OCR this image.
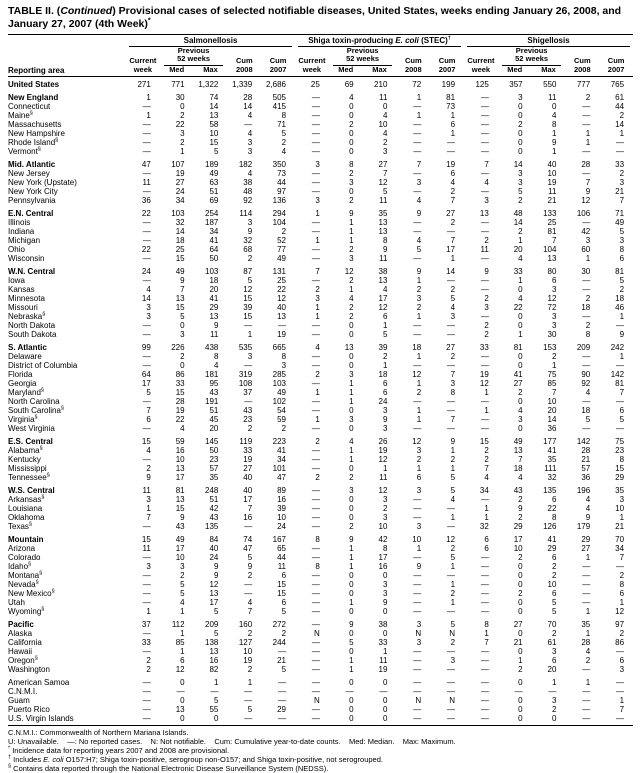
TABLE II. (Continued) Provisional cases of selected notifiable diseases, United States, weeks ending January 26, 2008, and January 27, 2007 (4th Week)*
Reporting area	Salmonellosis					Shiga toxin-producing E. coli (STEC)†					Shigellosis				

		Previous					Previous					Previous			
	Current	52 weeks		Cum	Cum	Current	52 weeks		Cum	Cum	Current	52 weeks		Cum	Cum
	week	Med	Max	2008	2007	week	Med	Max	2008	2007	week	Med	Max	2008	2007
United States	271	771	1,322	1,339	2,686	25	69	210	72	199	125	357	550	777	765
New England	1	30	74	28	505	—	4	11	1	81	—	3	11	2	61
Connecticut	—	0	14	14	415	—	0	0	—	73	—	0	0	—	44
Maine§	1	2	13	4	8	—	0	4	1	1	—	0	4	—	2
Massachusetts	—	22	58	—	71	—	2	10	—	6	—	2	8	—	14
New Hampshire	—	3	10	4	5	—	0	4	—	1	—	0	1	1	1
Rhode Island§	—	2	15	3	2	—	0	2	—	—	—	0	9	1	—
Vermont§	—	1	5	3	4	—	0	3	—	—	—	0	1	—	—
Mid. Atlantic	47	107	189	182	350	3	8	27	7	19	7	14	40	28	33
New Jersey	—	19	49	4	73	—	2	7	—	6	—	3	10	—	2
New York (Upstate)	11	27	63	38	44	—	3	12	3	4	4	3	19	7	3
New York City	—	24	51	48	97	—	0	5	—	2	—	5	11	9	21
Pennsylvania	36	34	69	92	136	3	2	11	4	7	3	2	21	12	7
E.N. Central	22	103	254	114	294	1	9	35	9	27	13	48	133	106	71
Illinois	—	32	187	3	104	—	1	13	—	2	—	14	25	—	49
Indiana	—	14	34	9	2	—	1	13	—	—	—	2	81	42	5
Michigan	—	18	41	32	52	1	1	8	4	7	2	1	7	3	3
Ohio	22	25	64	68	77	—	2	9	5	17	11	20	104	60	8
Wisconsin	—	15	50	2	49	—	3	11	—	1	—	4	13	1	6
W.N. Central	24	49	103	87	131	7	12	38	9	14	9	33	80	30	81
Iowa	—	9	18	5	25	—	2	13	1	—	—	1	6	—	5
Kansas	4	7	20	12	22	2	1	4	2	2	—	0	3	—	2
Minnesota	14	13	41	15	12	3	4	17	3	5	2	4	12	2	18
Missouri	3	15	29	39	40	1	2	12	2	4	3	22	72	18	46
Nebraska§	3	5	13	15	13	1	2	6	1	3	—	0	3	—	1
North Dakota	—	0	9	—	—	—	0	1	—	—	2	0	3	2	—
South Dakota	—	3	11	1	19	—	0	5	—	—	2	1	30	8	9
S. Atlantic	99	226	438	535	665	4	13	39	18	27	33	81	153	209	242
Delaware	—	2	8	3	8	—	0	2	1	2	—	0	2	—	1
District of Columbia	—	0	4	—	3	—	0	1	—	—	—	0	1	—	—
Florida	64	86	181	319	285	2	3	18	12	7	19	41	75	90	142
Georgia	17	33	95	108	103	—	1	6	1	3	12	27	85	92	81
Maryland§	5	15	43	37	49	1	1	6	2	8	1	2	7	4	7
North Carolina	—	28	191	—	102	—	1	24	—	—	—	0	10	—	—
South Carolina§	7	19	51	43	54	—	0	3	1	—	1	4	20	18	6
Virginia§	6	22	45	23	59	1	3	9	1	7	—	3	14	5	5
West Virginia	—	4	20	2	2	—	0	3	—	—	—	0	36	—	—
E.S. Central	15	59	145	119	223	2	4	26	12	9	15	49	177	142	75
Alabama§	4	16	50	33	41	—	1	19	3	1	2	13	41	28	23
Kentucky	—	10	23	19	34	—	1	12	2	2	2	7	35	21	8
Mississippi	2	13	57	27	101	—	0	1	1	1	7	18	111	57	15
Tennessee§	9	17	35	40	47	2	2	11	6	5	4	4	32	36	29
W.S. Central	11	81	248	40	89	—	3	12	3	5	34	43	135	196	35
Arkansas§	3	13	51	17	16	—	0	3	—	4	—	2	6	4	3
Louisiana	1	15	42	7	39	—	0	2	—	—	1	9	22	4	10
Oklahoma	7	9	43	16	10	—	0	3	—	1	1	2	8	9	1
Texas§	—	43	135	—	24	—	2	10	3	—	32	29	126	179	21
Mountain	15	49	84	74	167	8	9	42	10	12	6	17	41	29	70
Arizona	11	17	40	47	65	—	1	8	1	2	6	10	29	27	34
Colorado	—	10	24	5	44	—	1	17	—	5	—	2	6	1	7
Idaho§	3	3	9	9	11	8	1	16	9	1	—	0	2	—	—
Montana§	—	2	9	2	6	—	0	0	—	—	—	0	2	—	2
Nevada§	—	5	12	—	15	—	0	3	—	1	—	0	10	—	8
New Mexico§	—	5	13	—	15	—	0	3	—	2	—	2	6	—	6
Utah	—	4	17	4	6	—	1	9	—	1	—	0	5	—	1
Wyoming§	1	1	5	7	5	—	0	0	—	—	—	0	5	1	12
Pacific	37	112	209	160	272	—	9	38	3	5	8	27	70	35	97
Alaska	—	1	5	2	2	N	0	0	N	N	1	0	2	1	2
California	33	85	138	127	244	—	5	33	3	2	7	21	61	28	86
Hawaii	—	1	13	10	—	—	0	1	—	—	—	0	3	4	—
Oregon§	2	6	16	19	21	—	1	11	—	3	—	1	6	2	6
Washington	2	12	82	2	5	—	1	19	—	—	—	2	20	—	3
American Samoa	—	0	1	1	—	—	0	0	—	—	—	0	1	1	—
C.N.M.I.	—	—	—	—	—	—	—	—	—	—	—	—	—	—	—
Guam	—	0	5	—	—	N	0	0	N	N	—	0	3	—	1
Puerto Rico	—	13	55	5	29	—	0	0	—	—	—	0	2	—	7
U.S. Virgin Islands	—	0	0	—	—	—	0	0	—	—	—	0	0	—	—
C.N.M.I.: Commonwealth of Northern Mariana Islands.
U: Unavailable.    —: No reported cases.    N: Not notifiable.    Cum: Cumulative year-to-date counts.    Med: Median.    Max: Maximum.
* Incidence data for reporting years 2007 and 2008 are provisional.
† Includes E. coli O157:H7; Shiga toxin-positive, serogroup non-O157; and Shiga toxin-positive, not serogrouped.
§ Contains data reported through the National Electronic Disease Surveillance System (NEDSS).
